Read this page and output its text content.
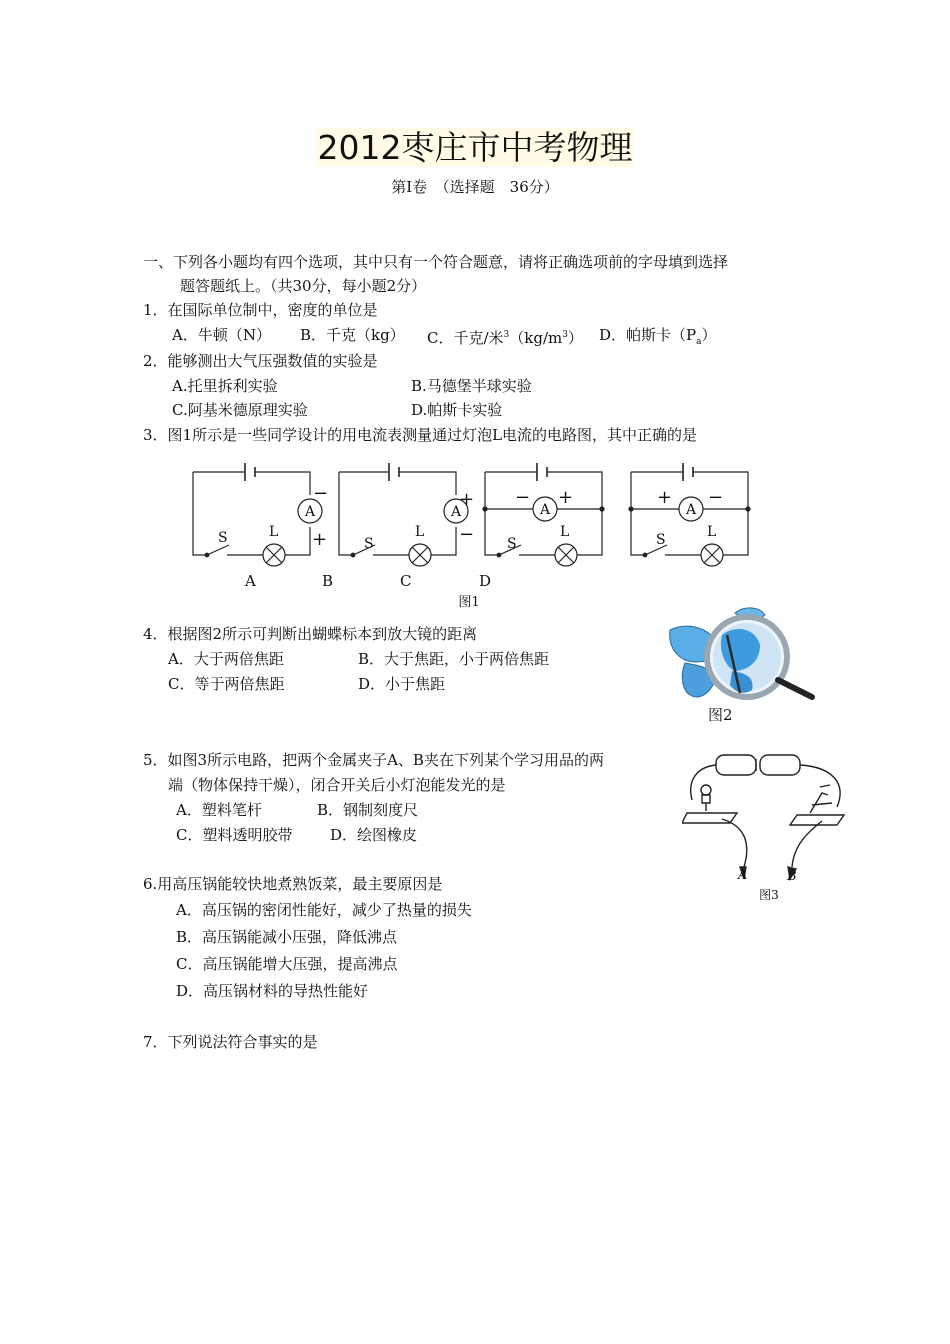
2012枣庄市中考物理
第Ⅰ卷　（选择题　36分）
一、下列各小题均有四个选项，其中只有一个符合题意，请将正确选项前的字母填到选择
题答题纸上。（共30分，每小题2分）
1．在国际单位制中，密度的单位是
A．牛顿（N） B．千克（kg） C．千克/米$^3(kg/m^3)$ D．帕斯卡$(P_a)$
2．能够测出大气压强数值的实验是
A.托里拆利实验	B.马德堡半球实验
C.阿基米德原理实验	D.帕斯卡实验
3．图1所示是一些同学设计的用电流表测量通过灯泡L电流的电路图，其中正确的是
A
−
+
S	L
A
+
−
S
L
A
− +
S
L
A
+ −
S	L
A	B	C	D
图1
4．根据图2所示可判断出蝴蝶标本到放大镜的距离
A．大于两倍焦距	B．大于焦距，小于两倍焦距
C．等于两倍焦距	D．小于焦距
图2
5．如图3所示电路，把两个金属夹子A、B夹在下列某个学习用品的两
端（物体保持干燥），闭合开关后小灯泡能发光的是
A．塑料笔杆	B．钢制刻度尺
C．塑料透明胶带	D．绘图橡皮
A	B
图3
6.用高压锅能较快地煮熟饭菜，最主要原因是
A．高压锅的密闭性能好，减少了热量的损失
B．高压锅能减小压强，降低沸点
C．高压锅能增大压强，提高沸点
D．高压锅材料的导热性能好
7．下列说法符合事实的是
